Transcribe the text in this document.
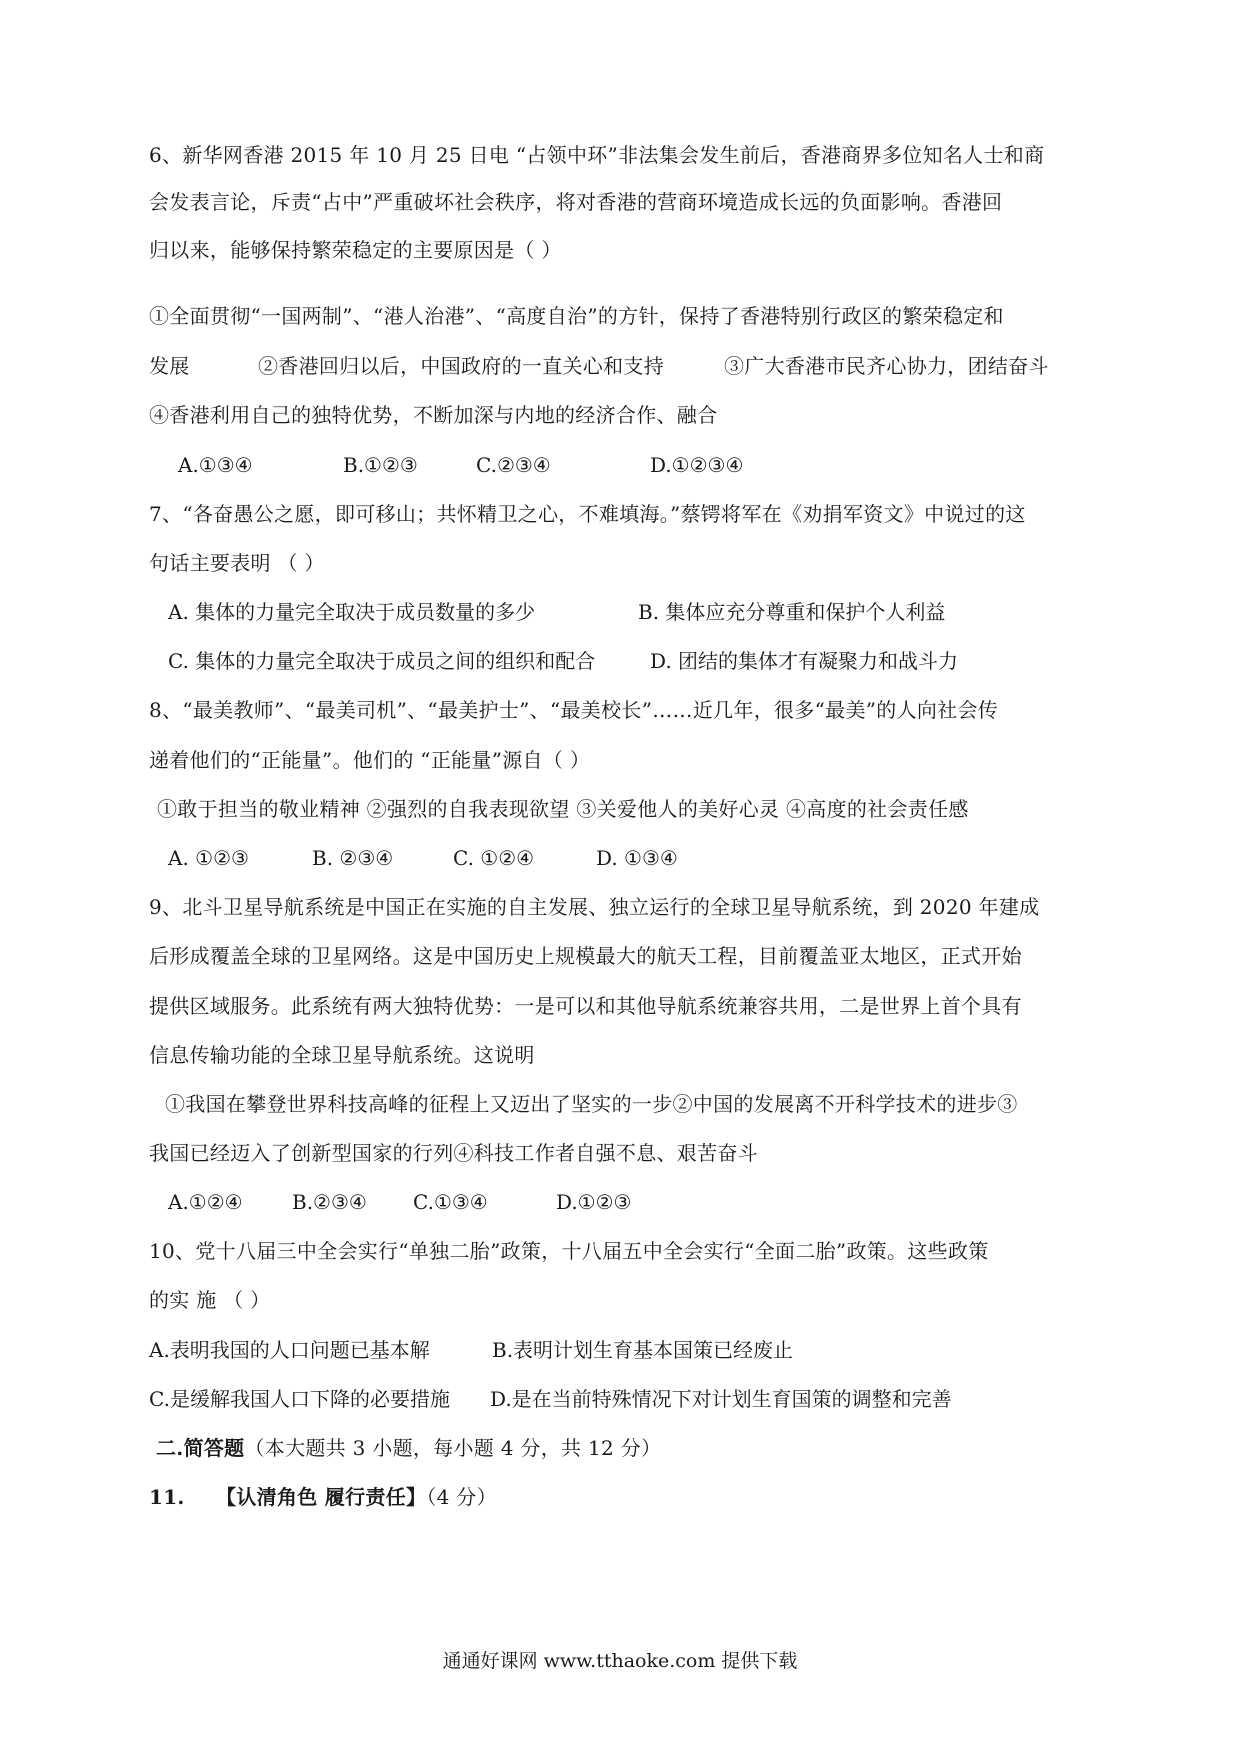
6、新华网香港 2015 年 10 月 25 日电 “占领中环”非法集会发生前后，香港商界多位知名人士和商
会发表言论，斥责“占中”严重破坏社会秩序，将对香港的营商环境造成长远的负面影响。香港回
归以来，能够保持繁荣稳定的主要原因是（ ）
①全面贯彻“一国两制”、“港人治港”、“高度自治”的方针，保持了香港特别行政区的繁荣稳定和
发展	②香港回归以后，中国政府的一直关心和支持	③广大香港市民齐心协力，团结奋斗
④香港利用自己的独特优势，不断加深与内地的经济合作、融合
A.①③④	B.①②③	C.②③④	D.①②③④
7、“各奋愚公之愿，即可移山；共怀精卫之心，不难填海。”蔡锷将军在《劝捐军资文》中说过的这
句话主要表明 （ ）
A. 集体的力量完全取决于成员数量的多少	B. 集体应充分尊重和保护个人利益
C. 集体的力量完全取决于成员之间的组织和配合	D. 团结的集体才有凝聚力和战斗力
8、“最美教师”、“最美司机”、“最美护士”、“最美校长”……近几年，很多“最美”的人向社会传
递着他们的“正能量”。他们的 “正能量”源自（ ）
①敢于担当的敬业精神 ②强烈的自我表现欲望 ③关爱他人的美好心灵 ④高度的社会责任感
A. ①②③	B. ②③④	C. ①②④	D. ①③④
9、北斗卫星导航系统是中国正在实施的自主发展、独立运行的全球卫星导航系统，到 2020 年建成
后形成覆盖全球的卫星网络。这是中国历史上规模最大的航天工程，目前覆盖亚太地区，正式开始
提供区域服务。此系统有两大独特优势：一是可以和其他导航系统兼容共用，二是世界上首个具有
信息传输功能的全球卫星导航系统。这说明
①我国在攀登世界科技高峰的征程上又迈出了坚实的一步②中国的发展离不开科学技术的进步③
我国已经迈入了创新型国家的行列④科技工作者自强不息、艰苦奋斗
A.①②④ B.②③④ C.①③④	D.①②③
10、党十八届三中全会实行“单独二胎”政策，十八届五中全会实行“全面二胎”政策。这些政策
的实 施 （ ）
A.表明我国的人口问题已基本解	B.表明计划生育基本国策已经废止
C.是缓解我国人口下降的必要措施 D.是在当前特殊情况下对计划生育国策的调整和完善
二.简答题（本大题共 3 小题，每小题 4 分，共 12 分）
11. 【认清角色 履行责任】（4 分）
通通好课网 www.tthaoke.com 提供下载
